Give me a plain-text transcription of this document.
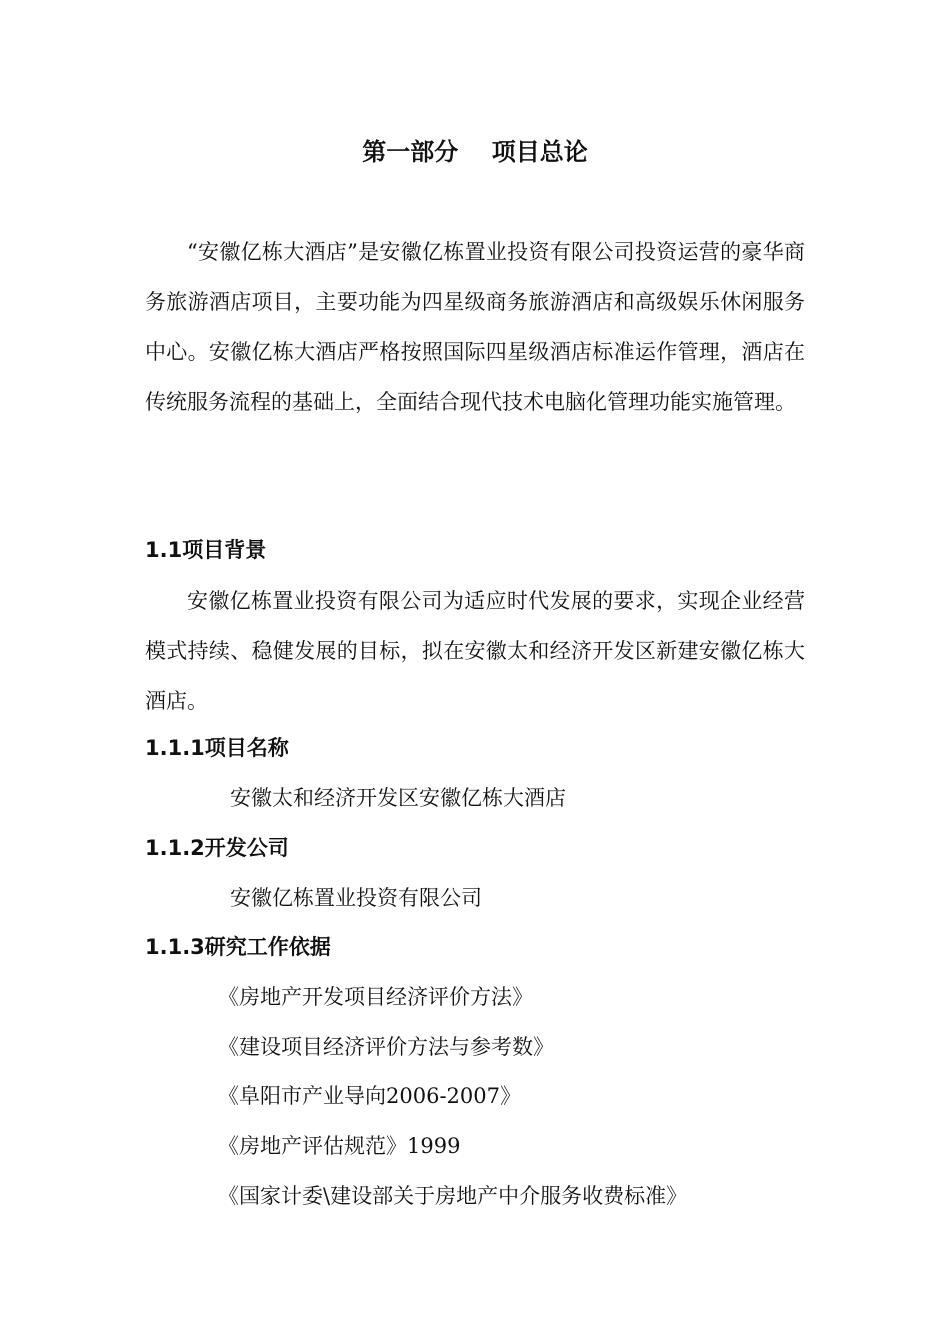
第一部分    项目总论

“安徽亿栋大酒店”是安徽亿栋置业投资有限公司投资运营的豪华商务旅游酒店项目，主要功能为四星级商务旅游酒店和高级娱乐休闲服务中心。安徽亿栋大酒店严格按照国际四星级酒店标准运作管理，酒店在传统服务流程的基础上，全面结合现代技术电脑化管理功能实施管理。

1.1项目背景

安徽亿栋置业投资有限公司为适应时代发展的要求，实现企业经营模式持续、稳健发展的目标，拟在安徽太和经济开发区新建安徽亿栋大酒店。

1.1.1项目名称

安徽太和经济开发区安徽亿栋大酒店

1.1.2开发公司

安徽亿栋置业投资有限公司

1.1.3研究工作依据

《房地产开发项目经济评价方法》

《建设项目经济评价方法与参考数》

《阜阳市产业导向2006-2007》

《房地产评估规范》1999

《国家计委\建设部关于房地产中介服务收费标准》
